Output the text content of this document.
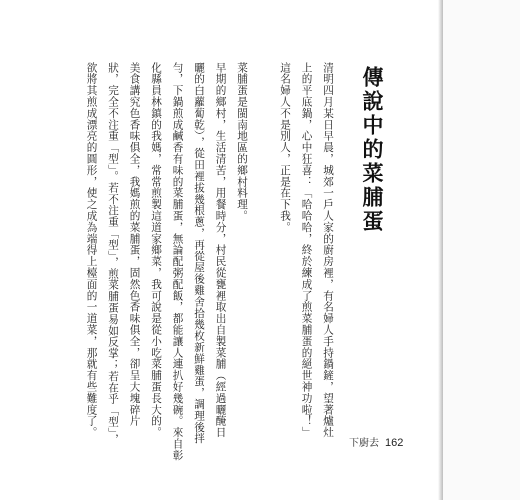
傳說中的菜脯蛋
清明四月某日早晨，城郊一戶人家的廚房裡，有名婦人手持鍋鏟，望著爐灶
上的平底鍋，心中狂喜：「哈哈哈，終於練成了煎菜脯蛋的絕世神功啦！」
這名婦人不是別人，正是在下我。
菜脯蛋是閩南地區的鄉村料理。
早期的鄉村，生活清苦，用餐時分，村民從甕裡取出自製菜脯（經過曬醃日
曬的白蘿蔔乾），從田裡拔幾根蔥，再從屋後雞舍拾幾枚新鮮雞蛋，調理後拌
勻，下鍋煎成鹹香有味的菜脯蛋，無論配粥配飯，都能讓人連扒好幾碗。來自彰
化縣員林鎮的我媽，常常煎製這道家鄉菜，我可說是從小吃菜脯蛋長大的。
美食講究色香味俱全，我媽煎的菜脯蛋，固然色香味俱全，卻呈大塊碎片
狀，完全不注重「型」。若不注重「型」，煎菜脯蛋易如反掌；若在乎「型」，
欲將其煎成漂亮的圓形，使之成為端得上檯面的一道菜，那就有些難度了。
下廚去 162
